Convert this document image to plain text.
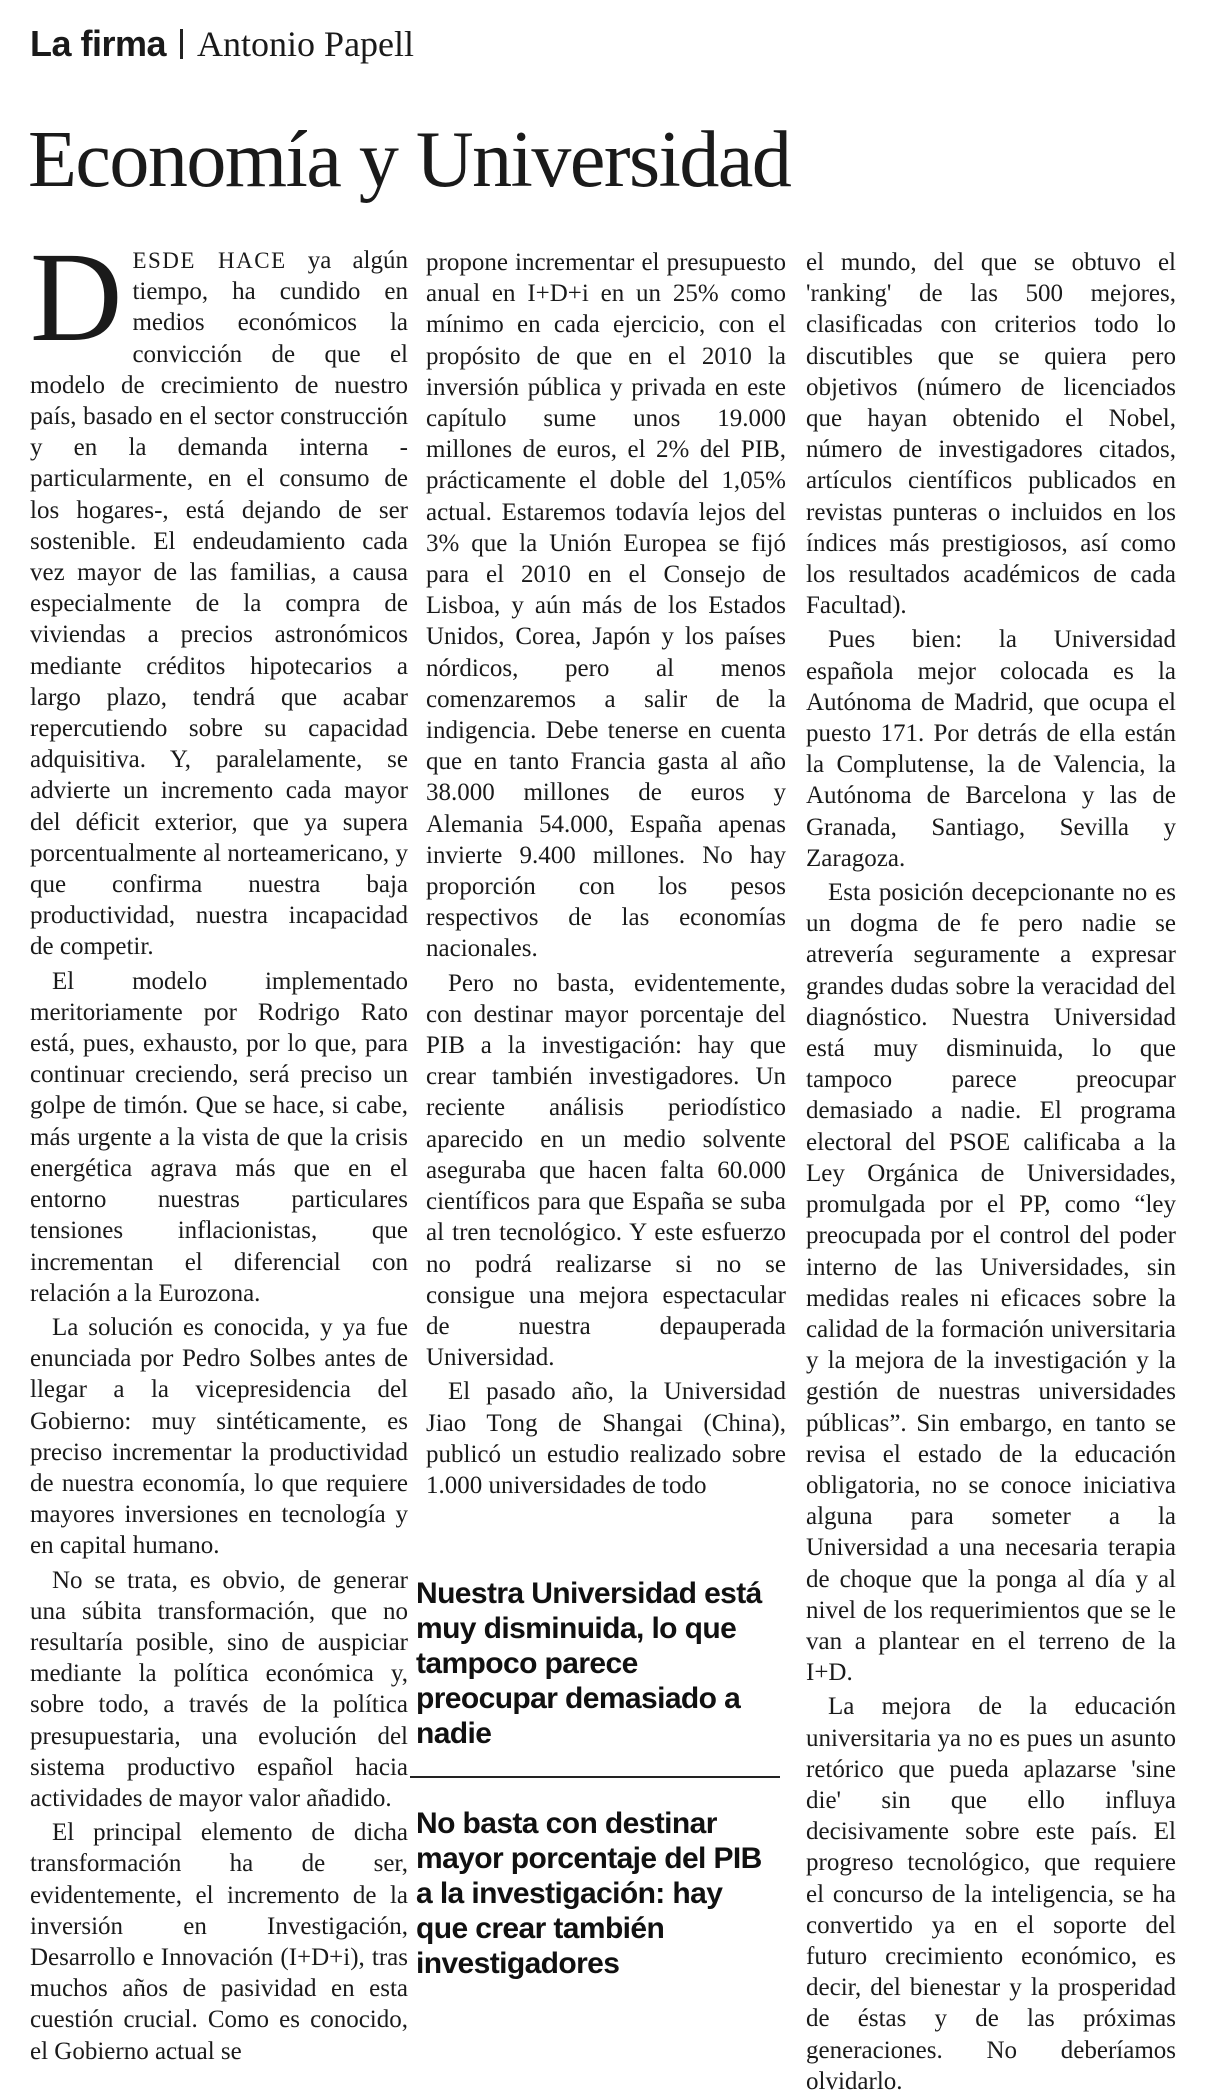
La firma Antonio Papell
Economía y Universidad

DESDE HACE ya algún tiempo, ha cundido en medios económicos la convicción de que el modelo de crecimiento de nuestro país, basado en el sector construcción y en la demanda interna -particularmente, en el consumo de los hogares-, está dejando de ser sostenible. El endeudamiento cada vez mayor de las familias, a causa especialmente de la compra de viviendas a precios astronómicos mediante créditos hipotecarios a largo plazo, tendrá que acabar repercutiendo sobre su capacidad adquisitiva. Y, paralelamente, se advierte un incremento cada mayor del déficit exterior, que ya supera porcentualmente al norteamericano, y que confirma nuestra baja productividad, nuestra incapacidad de competir.

El modelo implementado meritoriamente por Rodrigo Rato está, pues, exhausto, por lo que, para continuar creciendo, será preciso un golpe de timón. Que se hace, si cabe, más urgente a la vista de que la crisis energética agrava más que en el entorno nuestras particulares tensiones inflacionistas, que incrementan el diferencial con relación a la Eurozona.

La solución es conocida, y ya fue enunciada por Pedro Solbes antes de llegar a la vicepresidencia del Gobierno: muy sintéticamente, es preciso incrementar la productividad de nuestra economía, lo que requiere mayores inversiones en tecnología y en capital humano.

No se trata, es obvio, de generar una súbita transformación, que no resultaría posible, sino de auspiciar mediante la política económica y, sobre todo, a través de la política presupuestaria, una evolución del sistema productivo español hacia actividades de mayor valor añadido.

El principal elemento de dicha transformación ha de ser, evidentemente, el incremento de la inversión en Investigación, Desarrollo e Innovación (I+D+i), tras muchos años de pasividad en esta cuestión crucial. Como es conocido, el Gobierno actual se

propone incrementar el presupuesto anual en I+D+i en un 25% como mínimo en cada ejercicio, con el propósito de que en el 2010 la inversión pública y privada en este capítulo sume unos 19.000 millones de euros, el 2% del PIB, prácticamente el doble del 1,05% actual. Estaremos todavía lejos del 3% que la Unión Europea se fijó para el 2010 en el Consejo de Lisboa, y aún más de los Estados Unidos, Corea, Japón y los países nórdicos, pero al menos comenzaremos a salir de la indigencia. Debe tenerse en cuenta que en tanto Francia gasta al año 38.000 millones de euros y Alemania 54.000, España apenas invierte 9.400 millones. No hay proporción con los pesos respectivos de las economías nacionales.

Pero no basta, evidentemente, con destinar mayor porcentaje del PIB a la investigación: hay que crear también investigadores. Un reciente análisis periodístico aparecido en un medio solvente aseguraba que hacen falta 60.000 científicos para que España se suba al tren tecnológico. Y este esfuerzo no podrá realizarse si no se consigue una mejora espectacular de nuestra depauperada Universidad.

El pasado año, la Universidad Jiao Tong de Shangai (China), publicó un estudio realizado sobre 1.000 universidades de todo

Nuestra Universidad está muy disminuida, lo que tampoco parece preocupar demasiado a nadie
No basta con destinar mayor porcentaje del PIB a la investigación: hay que crear también investigadores

el mundo, del que se obtuvo el 'ranking' de las 500 mejores, clasificadas con criterios todo lo discutibles que se quiera pero objetivos (número de licenciados que hayan obtenido el Nobel, número de investigadores citados, artículos científicos publicados en revistas punteras o incluidos en los índices más prestigiosos, así como los resultados académicos de cada Facultad).

Pues bien: la Universidad española mejor colocada es la Autónoma de Madrid, que ocupa el puesto 171. Por detrás de ella están la Complutense, la de Valencia, la Autónoma de Barcelona y las de Granada, Santiago, Sevilla y Zaragoza.

Esta posición decepcionante no es un dogma de fe pero nadie se atrevería seguramente a expresar grandes dudas sobre la veracidad del diagnóstico. Nuestra Universidad está muy disminuida, lo que tampoco parece preocupar demasiado a nadie. El programa electoral del PSOE calificaba a la Ley Orgánica de Universidades, promulgada por el PP, como “ley preocupada por el control del poder interno de las Universidades, sin medidas reales ni eficaces sobre la calidad de la formación universitaria y la mejora de la investigación y la gestión de nuestras universidades públicas”. Sin embargo, en tanto se revisa el estado de la educación obligatoria, no se conoce iniciativa alguna para someter a la Universidad a una necesaria terapia de choque que la ponga al día y al nivel de los requerimientos que se le van a plantear en el terreno de la I+D.

La mejora de la educación universitaria ya no es pues un asunto retórico que pueda aplazarse 'sine die' sin que ello influya decisivamente sobre este país. El progreso tecnológico, que requiere el concurso de la inteligencia, se ha convertido ya en el soporte del futuro crecimiento económico, es decir, del bienestar y la prosperidad de éstas y de las próximas generaciones. No deberíamos olvidarlo.
